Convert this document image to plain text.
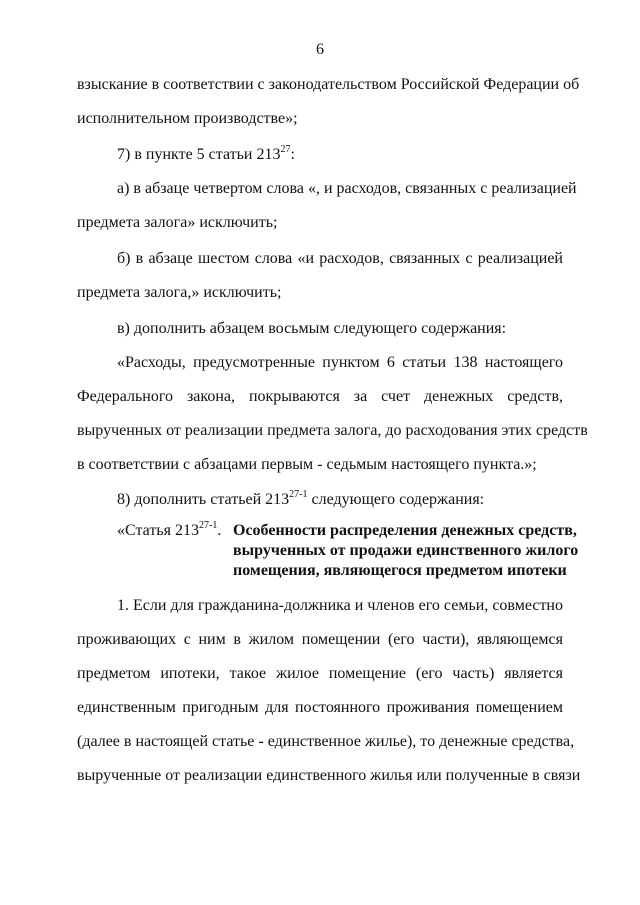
6
взыскание в соответствии с законодательством Российской Федерации об
исполнительном производстве»;
7) в пункте 5 статьи $213^{27}$:
а) в абзаце четвертом слова «, и расходов, связанных с реализацией
предмета залога» исключить;
б) в абзаце шестом слова «и расходов, связанных с реализацией
предмета залога,» исключить;
в) дополнить абзацем восьмым следующего содержания:
«Расходы, предусмотренные пунктом 6 статьи 138 настоящего
Федерального закона, покрываются за счет денежных средств,
вырученных от реализации предмета залога, до расходования этих средств
в соответствии с абзацами первым - седьмым настоящего пункта.»;
8) дополнить статьей 213$^{27-1}$ следующего содержания:
«Статья 213$^{27-1}$. Особенности распределения денежных средств,
вырученных от продажи единственного жилого
помещения, являющегося предметом ипотеки
1. Если для гражданина-должника и членов его семьи, совместно
проживающих с ним в жилом помещении (его части), являющемся
предметом ипотеки, такое жилое помещение (его часть) является
единственным пригодным для постоянного проживания помещением
(далее в настоящей статье - единственное жилье), то денежные средства,
вырученные от реализации единственного жилья или полученные в связи
